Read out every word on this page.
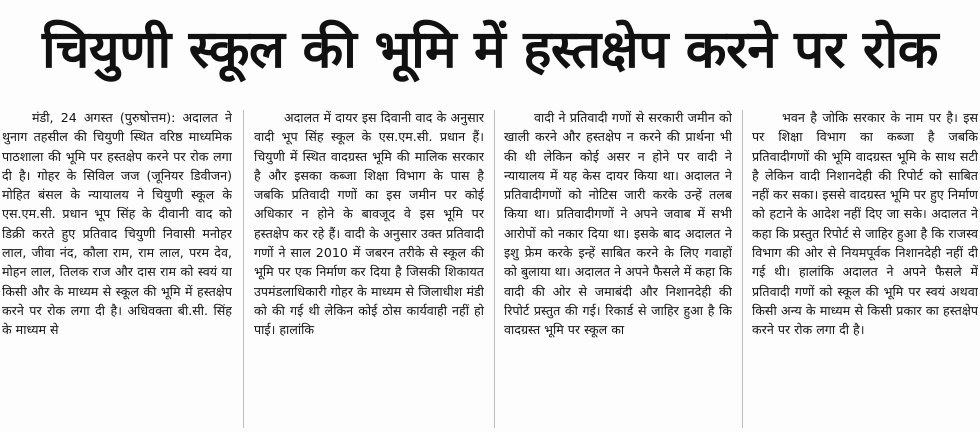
चियुणी स्कूल की भूमि में हस्तक्षेप करने पर रोक

मंडी, 24 अगस्त (पुरुषोत्तम): अदालत ने थुनाग तहसील की चियुणी स्थित वरिष्ठ माध्यमिक पाठशाला की भूमि पर हस्तक्षेप करने पर रोक लगा दी है। गोहर के सिविल जज (जूनियर डिवीजन) मोहित बंसल के न्यायालय ने चियुणी स्कूल के एस.एम.सी. प्रधान भूप सिंह के दीवानी वाद को डिक्री करते हुए प्रतिवाद चियुणी निवासी मनोहर लाल, जीवा नंद, कौला राम, राम लाल, परम देव, मोहन लाल, तिलक राज और दास राम को स्वयं या किसी और के माध्यम से स्कूल की भूमि में हस्तक्षेप करने पर रोक लगा दी है। अधिवक्ता बी.सी. सिंह के माध्यम से

अदालत में दायर इस दिवानी वाद के अनुसार वादी भूप सिंह स्कूल के एस.एम.सी. प्रधान हैं। चियुणी में स्थित वादग्रस्त भूमि की मालिक सरकार है और इसका कब्जा शिक्षा विभाग के पास है जबकि प्रतिवादी गणों का इस जमीन पर कोई अधिकार न होने के बावजूद वे इस भूमि पर हस्तक्षेप कर रहे हैं। वादी के अनुसार उक्त प्रतिवादी गणों ने साल 2010 में जबरन तरीके से स्कूल की भूमि पर एक निर्माण कर दिया है जिसकी शिकायत उपमंडलाधिकारी गोहर के माध्यम से जिलाधीश मंडी को की गई थी लेकिन कोई ठोस कार्यवाही नहीं हो पाई। हालांकि

वादी ने प्रतिवादी गणों से सरकारी जमीन को खाली करने और हस्तक्षेप न करने की प्रार्थना भी की थी लेकिन कोई असर न होने पर वादी ने न्यायालय में यह केस दायर किया था। अदालत ने प्रतिवादीगणों को नोटिस जारी करके उन्हें तलब किया था। प्रतिवादीगणों ने अपने जवाब में सभी आरोपों को नकार दिया था। इसके बाद अदालत ने इशु फ्रेम करके इन्हें साबित करने के लिए गवाहों को बुलाया था। अदालत ने अपने फैसले में कहा कि वादी की ओर से जमाबंदी और निशानदेही की रिपोर्ट प्रस्तुत की गई। रिकार्ड से जाहिर हुआ है कि वादग्रस्त भूमि पर स्कूल का

भवन है जोकि सरकार के नाम पर है। इस पर शिक्षा विभाग का कब्जा है जबकि प्रतिवादीगणों की भूमि वादग्रस्त भूमि के साथ सटी है लेकिन वादी निशानदेही की रिपोर्ट को साबित नहीं कर सका। इससे वादग्रस्त भूमि पर हुए निर्माण को हटाने के आदेश नहीं दिए जा सके। अदालत ने कहा कि प्रस्तुत रिपोर्ट से जाहिर हुआ है कि राजस्व विभाग की ओर से नियमपूर्वक निशानदेही नहीं दी गई थी। हालांकि अदालत ने अपने फैसले में प्रतिवादी गणों को स्कूल की भूमि पर स्वयं अथवा किसी अन्य के माध्यम से किसी प्रकार का हस्तक्षेप करने पर रोक लगा दी है।
